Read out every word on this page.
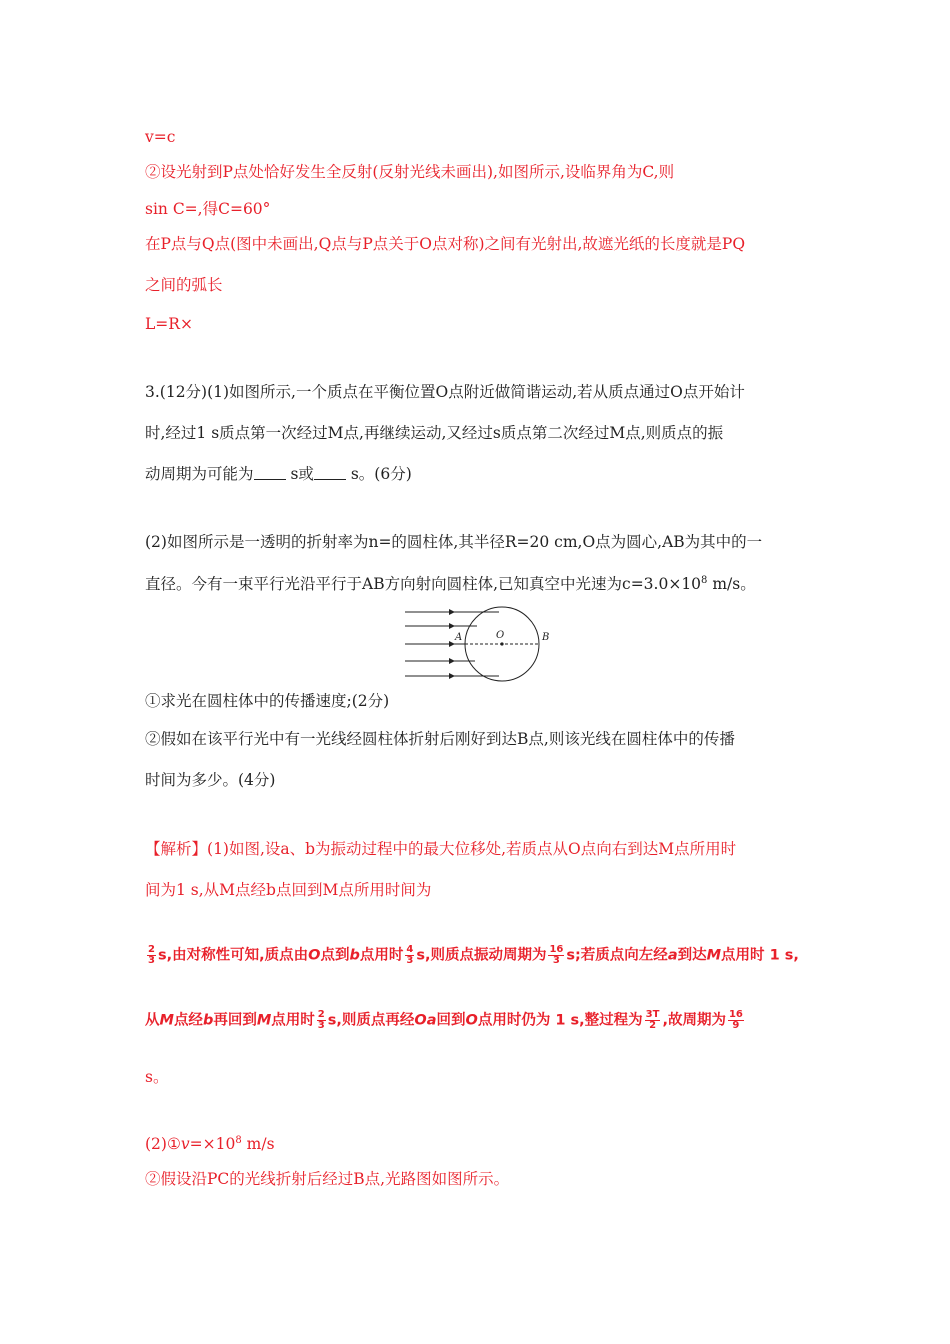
v=c
②设光射到P点处恰好发生全反射(反射光线未画出),如图所示,设临界角为C,则
sin C=,得C=60°
在P点与Q点(图中未画出,Q点与P点关于O点对称)之间有光射出,故遮光纸的长度就是PQ
之间的弧长
L=R×
3.(12分)(1)如图所示,一个质点在平衡位置O点附近做简谐运动,若从质点通过O点开始计
时,经过1 s质点第一次经过M点,再继续运动,又经过s质点第二次经过M点,则质点的振
动周期为可能为 s或 s。(6分)
(2)如图所示是一透明的折射率为n=的圆柱体,其半径R=20 cm,O点为圆心,AB为其中的一
直径。今有一束平行光沿平行于AB方向射向圆柱体,已知真空中光速为$c=3.0\times 10^8$ m/s。
A	O	B
①求光在圆柱体中的传播速度;(2分)
②假如在该平行光中有一光线经圆柱体折射后刚好到达B点,则该光线在圆柱体中的传播
时间为多少。(4分)
【解析】(1)如图,设a、b为振动过程中的最大位移处,若质点从O点向右到达M点所用时
间为1 s,从M点经b点回到M点所用时间为
$\frac{2}{3} s$,由对称性可知,质点由O点到b点用时 $\frac{4}{3} s$,则质点振动周期为 $\frac{16}{3} s$;若质点向左经a到达M点用时 1 s,
从M点经b再回到M点用时 $\frac{2}{3} s$,则质点再经Oa回到O点用时仍为 1 s,整过程为 $\frac{3T}{2}$ ,故周期为 $\frac{16}{9}$
s。
$(2)①v=\times 10^8$ m/s
②假设沿PC的光线折射后经过B点,光路图如图所示。
